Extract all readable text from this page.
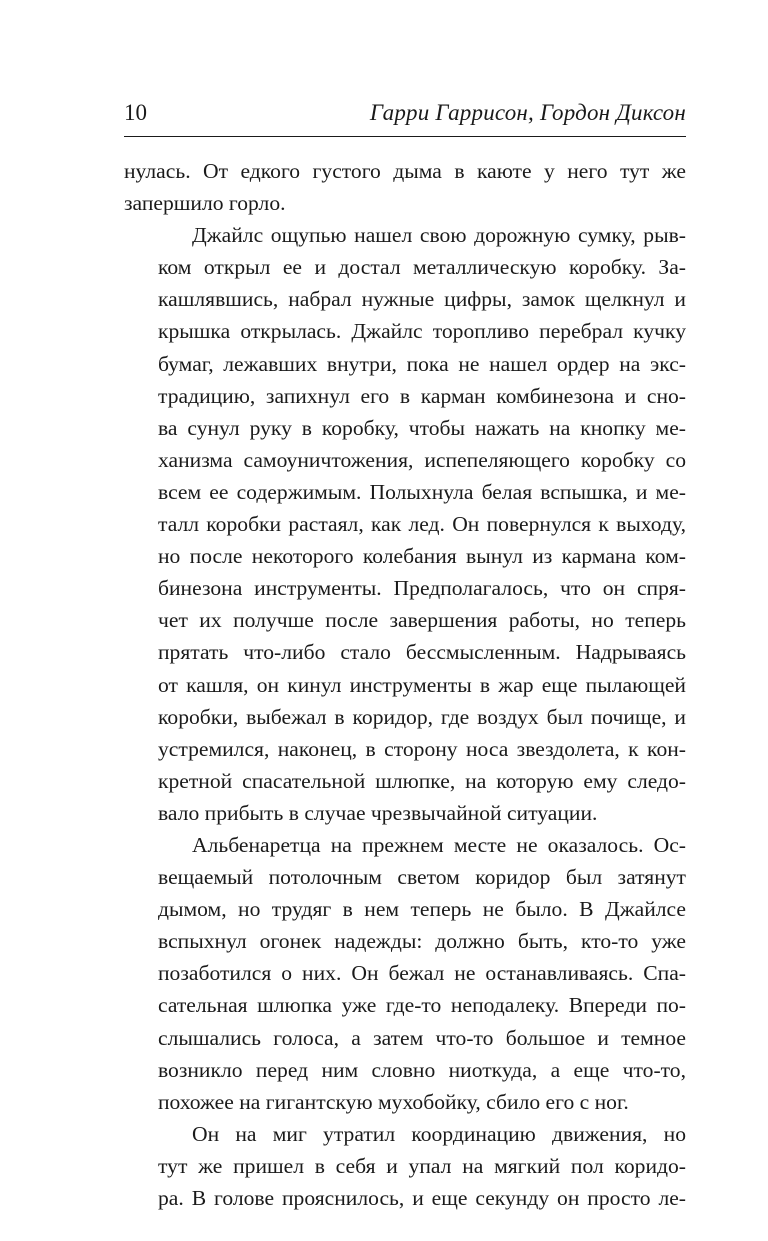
10	Гарри Гаррисон, Гордон Диксон
нулась. От едкого густого дыма в каюте у него тут же
запершило горло.
Джайлс ощупью нашел свою дорожную сумку, рыв-
ком открыл ее и достал металлическую коробку. За-
кашлявшись, набрал нужные цифры, замок щелкнул и
крышка открылась. Джайлс торопливо перебрал кучку
бумаг, лежавших внутри, пока не нашел ордер на экс-
традицию, запихнул его в карман комбинезона и сно-
ва сунул руку в коробку, чтобы нажать на кнопку ме-
ханизма самоуничтожения, испепеляющего коробку со
всем ее содержимым. Полыхнула белая вспышка, и ме-
талл коробки растаял, как лед. Он повернулся к выходу,
но после некоторого колебания вынул из кармана ком-
бинезона инструменты. Предполагалось, что он спря-
чет их получше после завершения работы, но теперь
прятать что-либо стало бессмысленным. Надрываясь
от кашля, он кинул инструменты в жар еще пылающей
коробки, выбежал в коридор, где воздух был почище, и
устремился, наконец, в сторону носа звездолета, к кон-
кретной спасательной шлюпке, на которую ему следо-
вало прибыть в случае чрезвычайной ситуации.
Альбенаретца на прежнем месте не оказалось. Ос-
вещаемый потолочным светом коридор был затянут
дымом, но трудяг в нем теперь не было. В Джайлсе
вспыхнул огонек надежды: должно быть, кто-то уже
позаботился о них. Он бежал не останавливаясь. Спа-
сательная шлюпка уже где-то неподалеку. Впереди по-
слышались голоса, а затем что-то большое и темное
возникло перед ним словно ниоткуда, а еще что-то,
похожее на гигантскую мухобойку, сбило его с ног.
Он на миг утратил координацию движения, но
тут же пришел в себя и упал на мягкий пол коридо-
ра. В голове прояснилось, и еще секунду он просто ле-
